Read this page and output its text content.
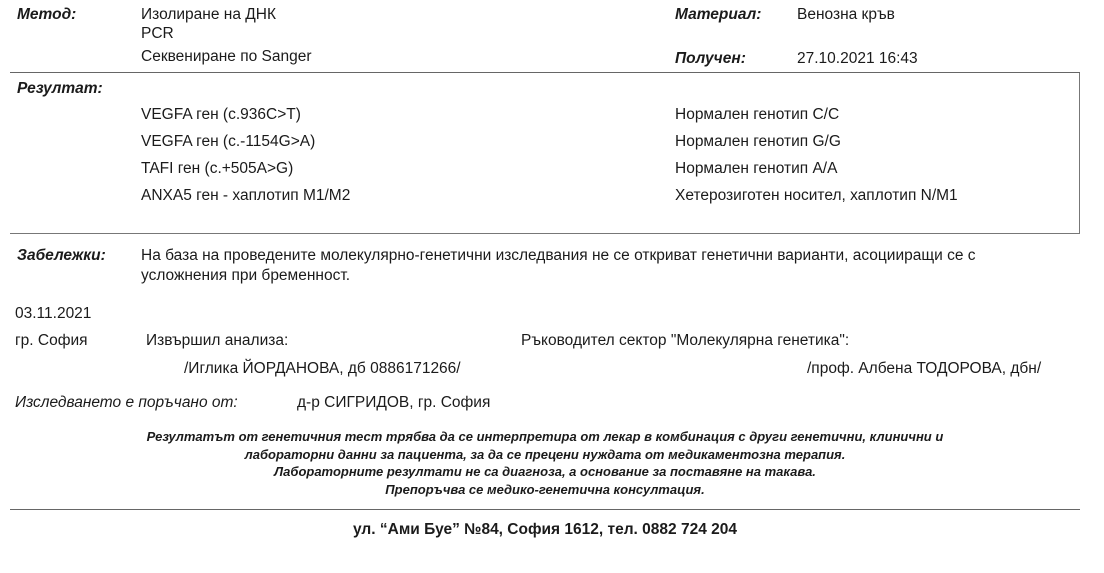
Метод:	Изолиране на ДНК
PCR
Секвениране по Sanger
Материал: Венозна кръв
Получен:	27.10.2021 16:43
Резултат:
VEGFA ген (c.936C>T)	Нормален генотип C/C
VEGFA ген (c.-1154G>A)	Нормален генотип G/G
TAFI ген (c.+505A>G)	Нормален генотип A/A
ANXA5 ген - хаплотип M1/M2	Хетерозиготен носител, хаплотип N/M1
Забележки: На база на проведените молекулярно-генетични изследвания не се откриват генетични варианти, асоцииращи се с усложнения при бременност.
03.11.2021
гр. София	Извършил анализа:	Ръководител сектор "Молекулярна генетика":
/Иглика ЙОРДАНОВА, дб 0886171266/	/проф. Албена ТОДОРОВА, дбн/
Изследването е поръчано от:	д-р СИГРИДОВ, гр. София
Резултатът от генетичния тест трябва да се интерпретира от лекар в комбинация с други генетични, клинични и
лабораторни данни за пациента, за да се прецени нуждата от медикаментозна терапия.
Лабораторните резултати не са диагноза, а основание за поставяне на такава.
Препоръчва се медико-генетична консултация.
ул. “Ами Буе” №84, София 1612, тел. 0882 724 204
